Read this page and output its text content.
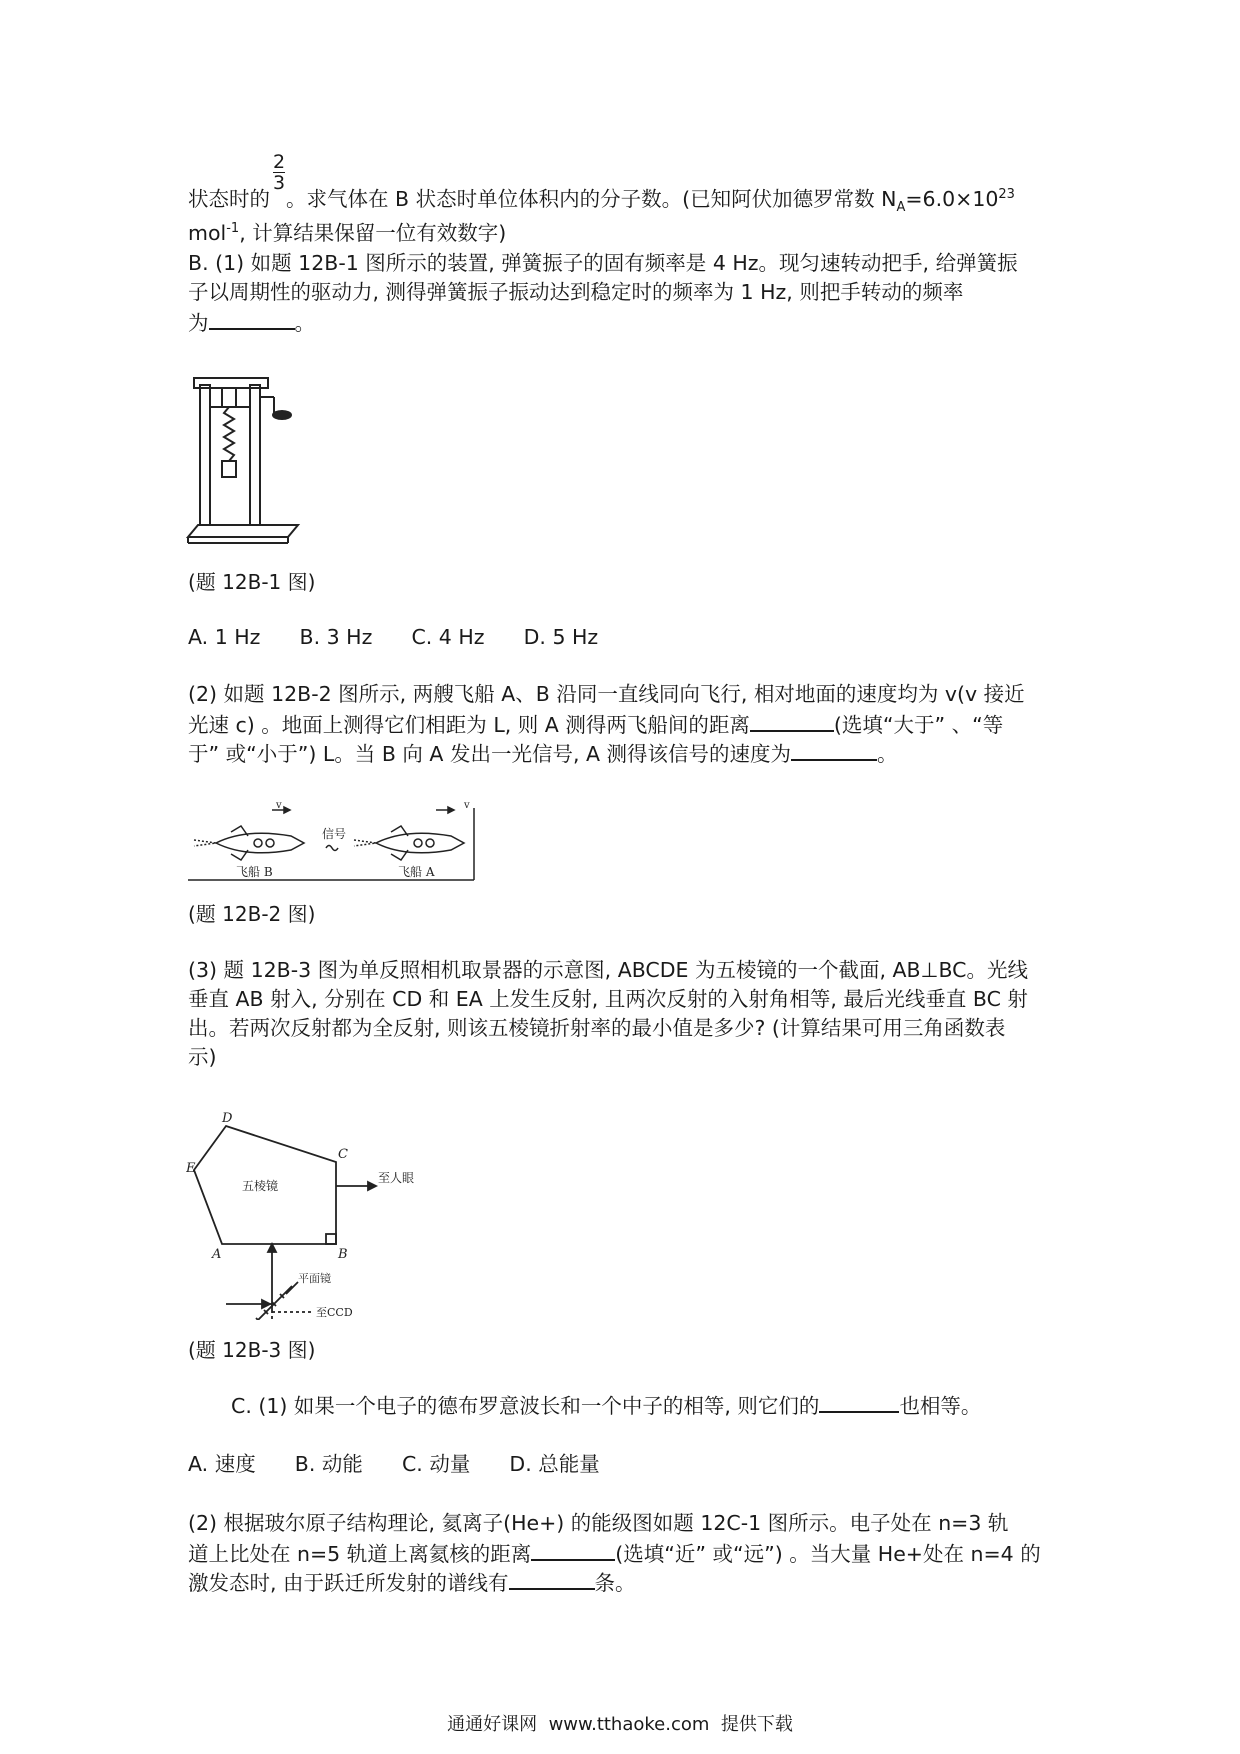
2
3
状态时的 。求气体在 B 状态时单位体积内的分子数。(已知阿伏加德罗常数 $N_A=6.0\times 10^{23}$
mol$^{-1}$, 计算结果保留一位有效数字)
B. (1) 如题 12B-1 图所示的装置, 弹簧振子的固有频率是 4 Hz。现匀速转动把手, 给弹簧振
子以周期性的驱动力, 测得弹簧振子振动达到稳定时的频率为 1 Hz, 则把手转动的频率
为	。
(题 12B-1 图)
A. 1 Hz      B. 3 Hz      C. 4 Hz      D. 5 Hz
(2) 如题 12B-2 图所示, 两艘飞船 A、B 沿同一直线同向飞行, 相对地面的速度均为 v(v 接近
光速 c) 。地面上测得它们相距为 L, 则 A 测得两飞船间的距离	(选填“大于” 、“等
于” 或“小于”) L。当 B 向 A 发出一光信号, A 测得该信号的速度为	。
v	v
信号
飞船 B	飞船 A
(题 12B-2 图)
(3) 题 12B-3 图为单反照相机取景器的示意图, ABCDE 为五棱镜的一个截面, AB⊥BC。光线
垂直 AB 射入, 分别在 CD 和 EA 上发生反射, 且两次反射的入射角相等, 最后光线垂直 BC 射
出。若两次反射都为全反射, 则该五棱镜折射率的最小值是多少? (计算结果可用三角函数表
示)
D
C
E
A	B
五棱镜
至人眼
平面镜
至CCD
(题 12B-3 图)
C. (1) 如果一个电子的德布罗意波长和一个中子的相等, 则它们的	也相等。
A. 速度      B. 动能      C. 动量      D. 总能量
(2) 根据玻尔原子结构理论, 氦离子(He+) 的能级图如题 12C-1 图所示。电子处在 n=3 轨
道上比处在 n=5 轨道上离氦核的距离	(选填“近” 或“远”) 。当大量 He+处在 n=4 的
激发态时, 由于跃迁所发射的谱线有	条。
通通好课网  www.tthaoke.com  提供下载
